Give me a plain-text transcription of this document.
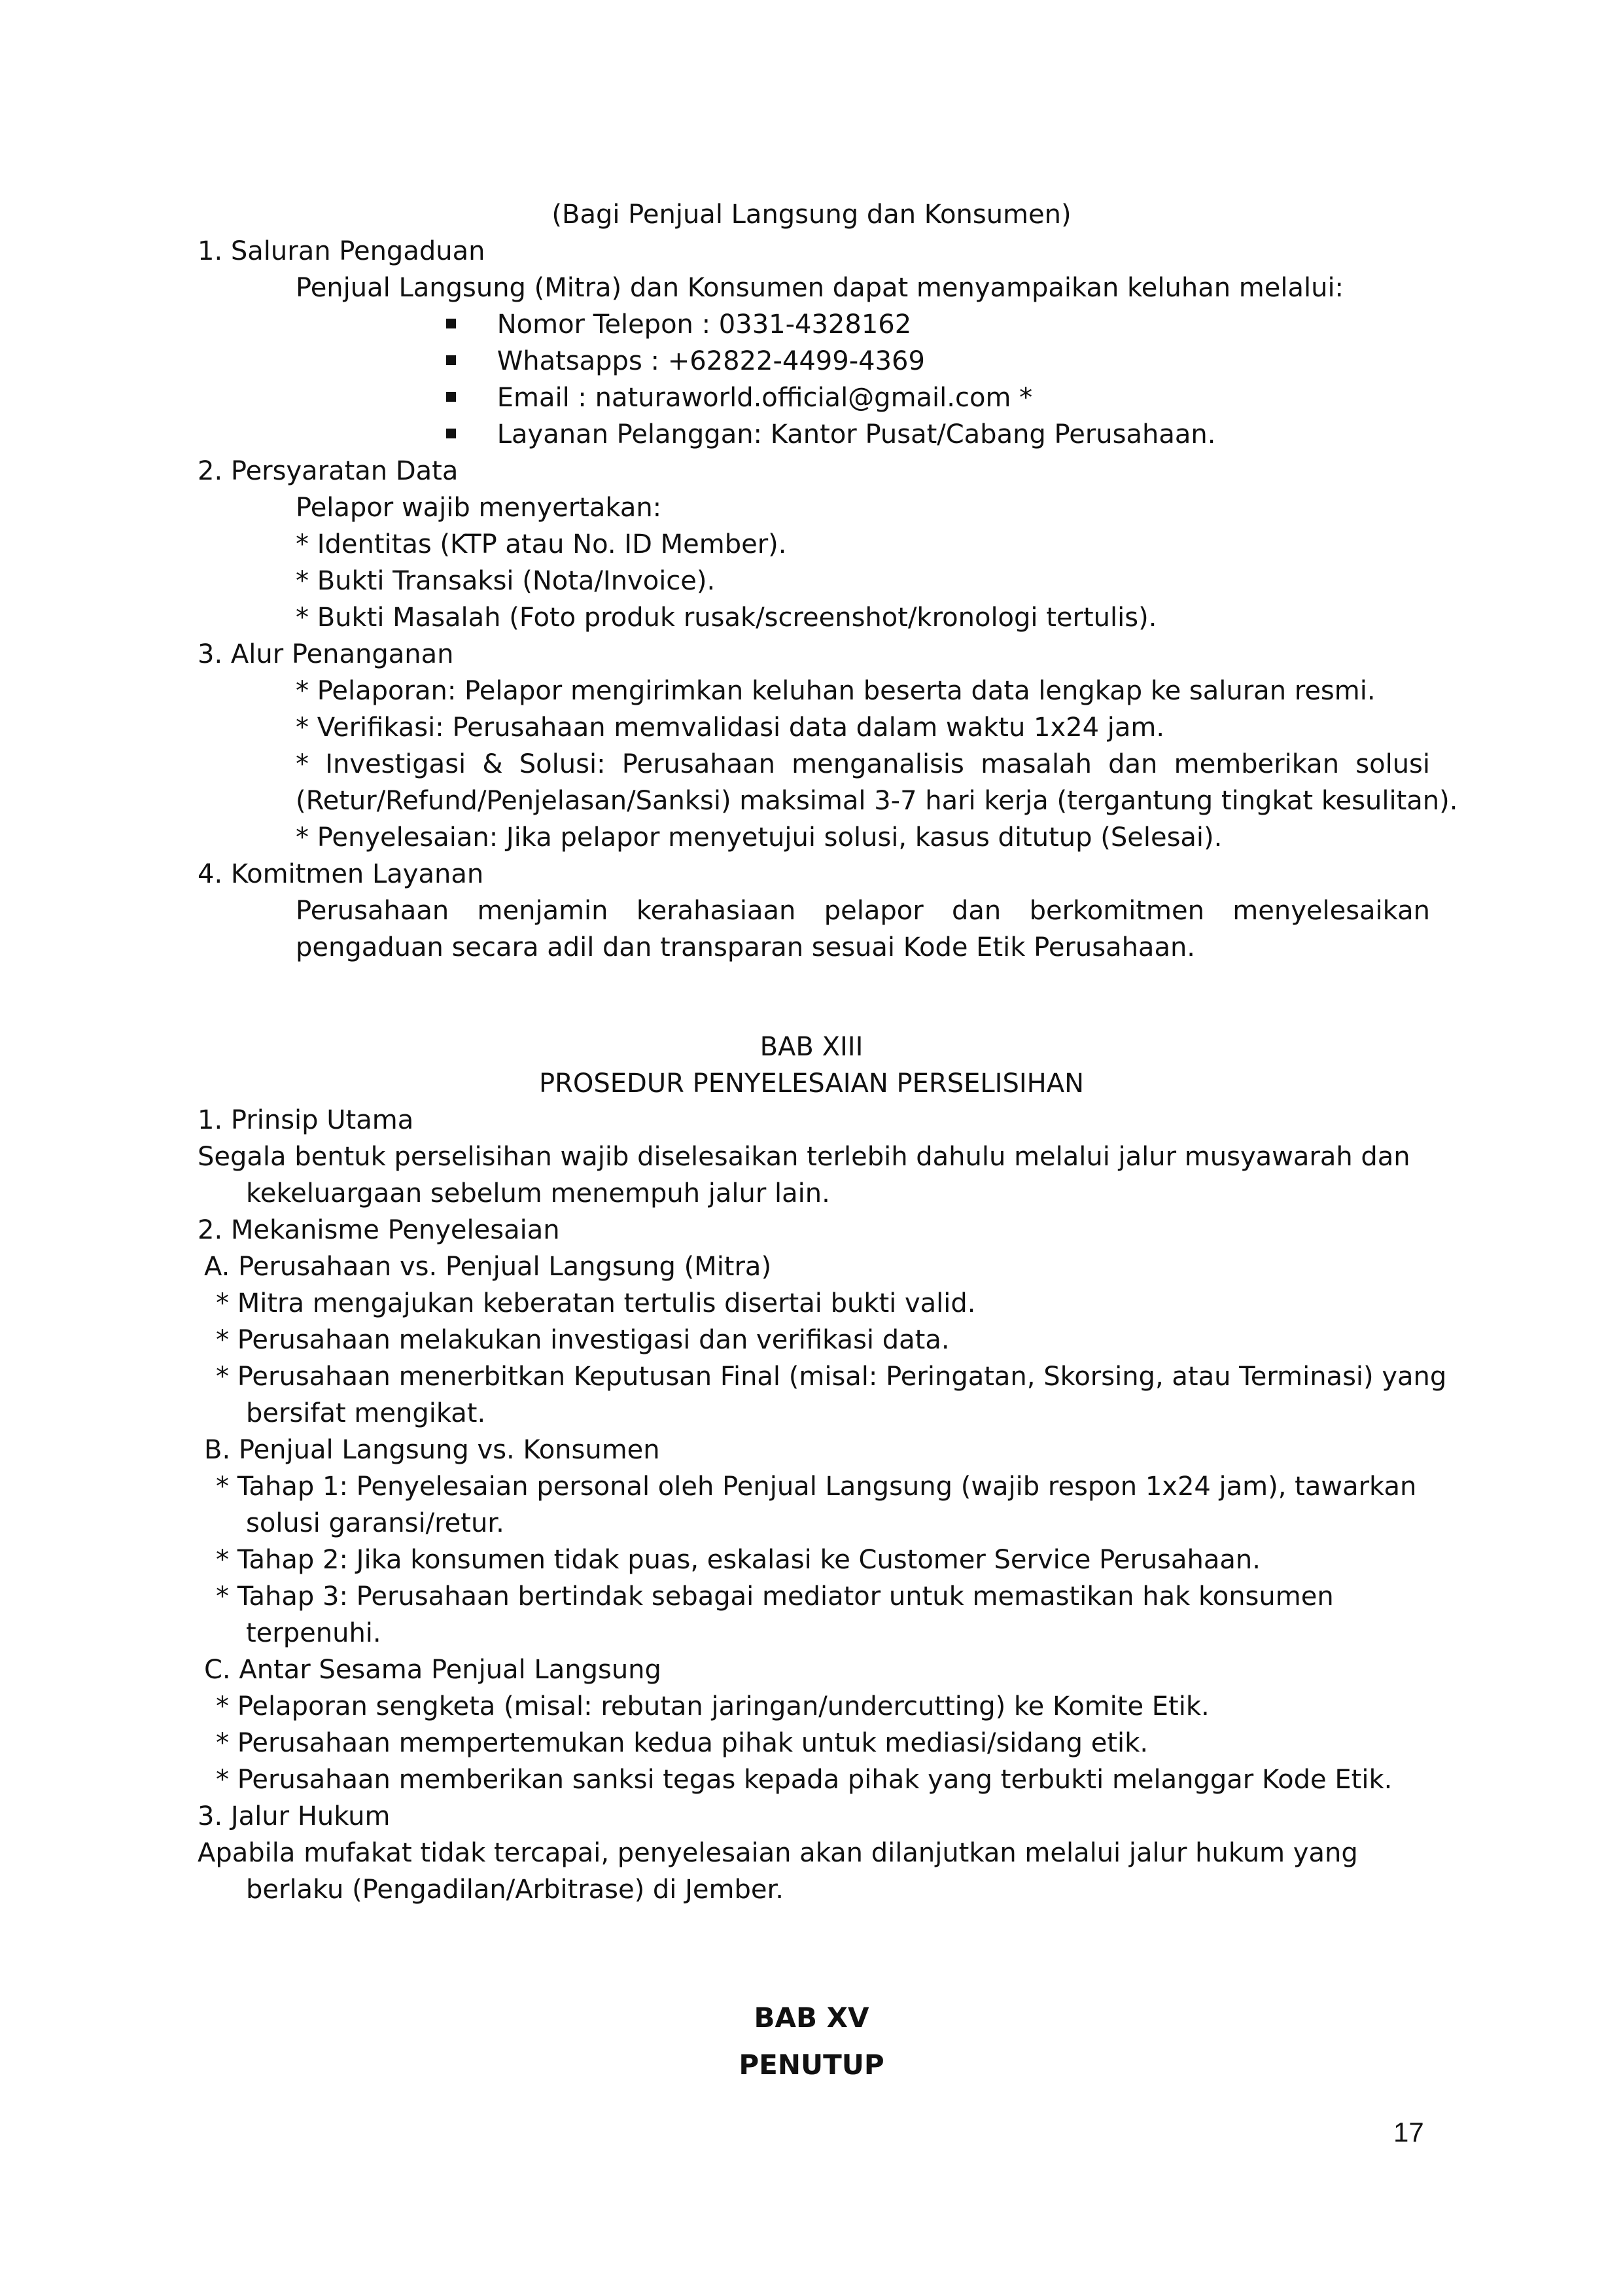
(Bagi Penjual Langsung dan Konsumen)
1. Saluran Pengaduan
Penjual Langsung (Mitra) dan Konsumen dapat menyampaikan keluhan melalui:
Nomor Telepon : 0331-4328162
Whatsapps : +62822-4499-4369
Email : naturaworld.official@gmail.com *
Layanan Pelanggan: Kantor Pusat/Cabang Perusahaan.
2. Persyaratan Data
Pelapor wajib menyertakan:
* Identitas (KTP atau No. ID Member).
* Bukti Transaksi (Nota/Invoice).
* Bukti Masalah (Foto produk rusak/screenshot/kronologi tertulis).
3. Alur Penanganan
* Pelaporan: Pelapor mengirimkan keluhan beserta data lengkap ke saluran resmi.
* Verifikasi: Perusahaan memvalidasi data dalam waktu 1x24 jam.
* Investigasi & Solusi: Perusahaan menganalisis masalah dan memberikan solusi
(Retur/Refund/Penjelasan/Sanksi) maksimal 3-7 hari kerja (tergantung tingkat kesulitan).
* Penyelesaian: Jika pelapor menyetujui solusi, kasus ditutup (Selesai).
4. Komitmen Layanan
Perusahaan menjamin kerahasiaan pelapor dan berkomitmen menyelesaikan
pengaduan secara adil dan transparan sesuai Kode Etik Perusahaan.
BAB XIII
PROSEDUR PENYELESAIAN PERSELISIHAN
1. Prinsip Utama
Segala bentuk perselisihan wajib diselesaikan terlebih dahulu melalui jalur musyawarah dan
kekeluargaan sebelum menempuh jalur lain.
2. Mekanisme Penyelesaian
A. Perusahaan vs. Penjual Langsung (Mitra)
* Mitra mengajukan keberatan tertulis disertai bukti valid.
* Perusahaan melakukan investigasi dan verifikasi data.
* Perusahaan menerbitkan Keputusan Final (misal: Peringatan, Skorsing, atau Terminasi) yang
bersifat mengikat.
B. Penjual Langsung vs. Konsumen
* Tahap 1: Penyelesaian personal oleh Penjual Langsung (wajib respon 1x24 jam), tawarkan
solusi garansi/retur.
* Tahap 2: Jika konsumen tidak puas, eskalasi ke Customer Service Perusahaan.
* Tahap 3: Perusahaan bertindak sebagai mediator untuk memastikan hak konsumen
terpenuhi.
C. Antar Sesama Penjual Langsung
* Pelaporan sengketa (misal: rebutan jaringan/undercutting) ke Komite Etik.
* Perusahaan mempertemukan kedua pihak untuk mediasi/sidang etik.
* Perusahaan memberikan sanksi tegas kepada pihak yang terbukti melanggar Kode Etik.
3. Jalur Hukum
Apabila mufakat tidak tercapai, penyelesaian akan dilanjutkan melalui jalur hukum yang
berlaku (Pengadilan/Arbitrase) di Jember.
BAB XV
PENUTUP
17
